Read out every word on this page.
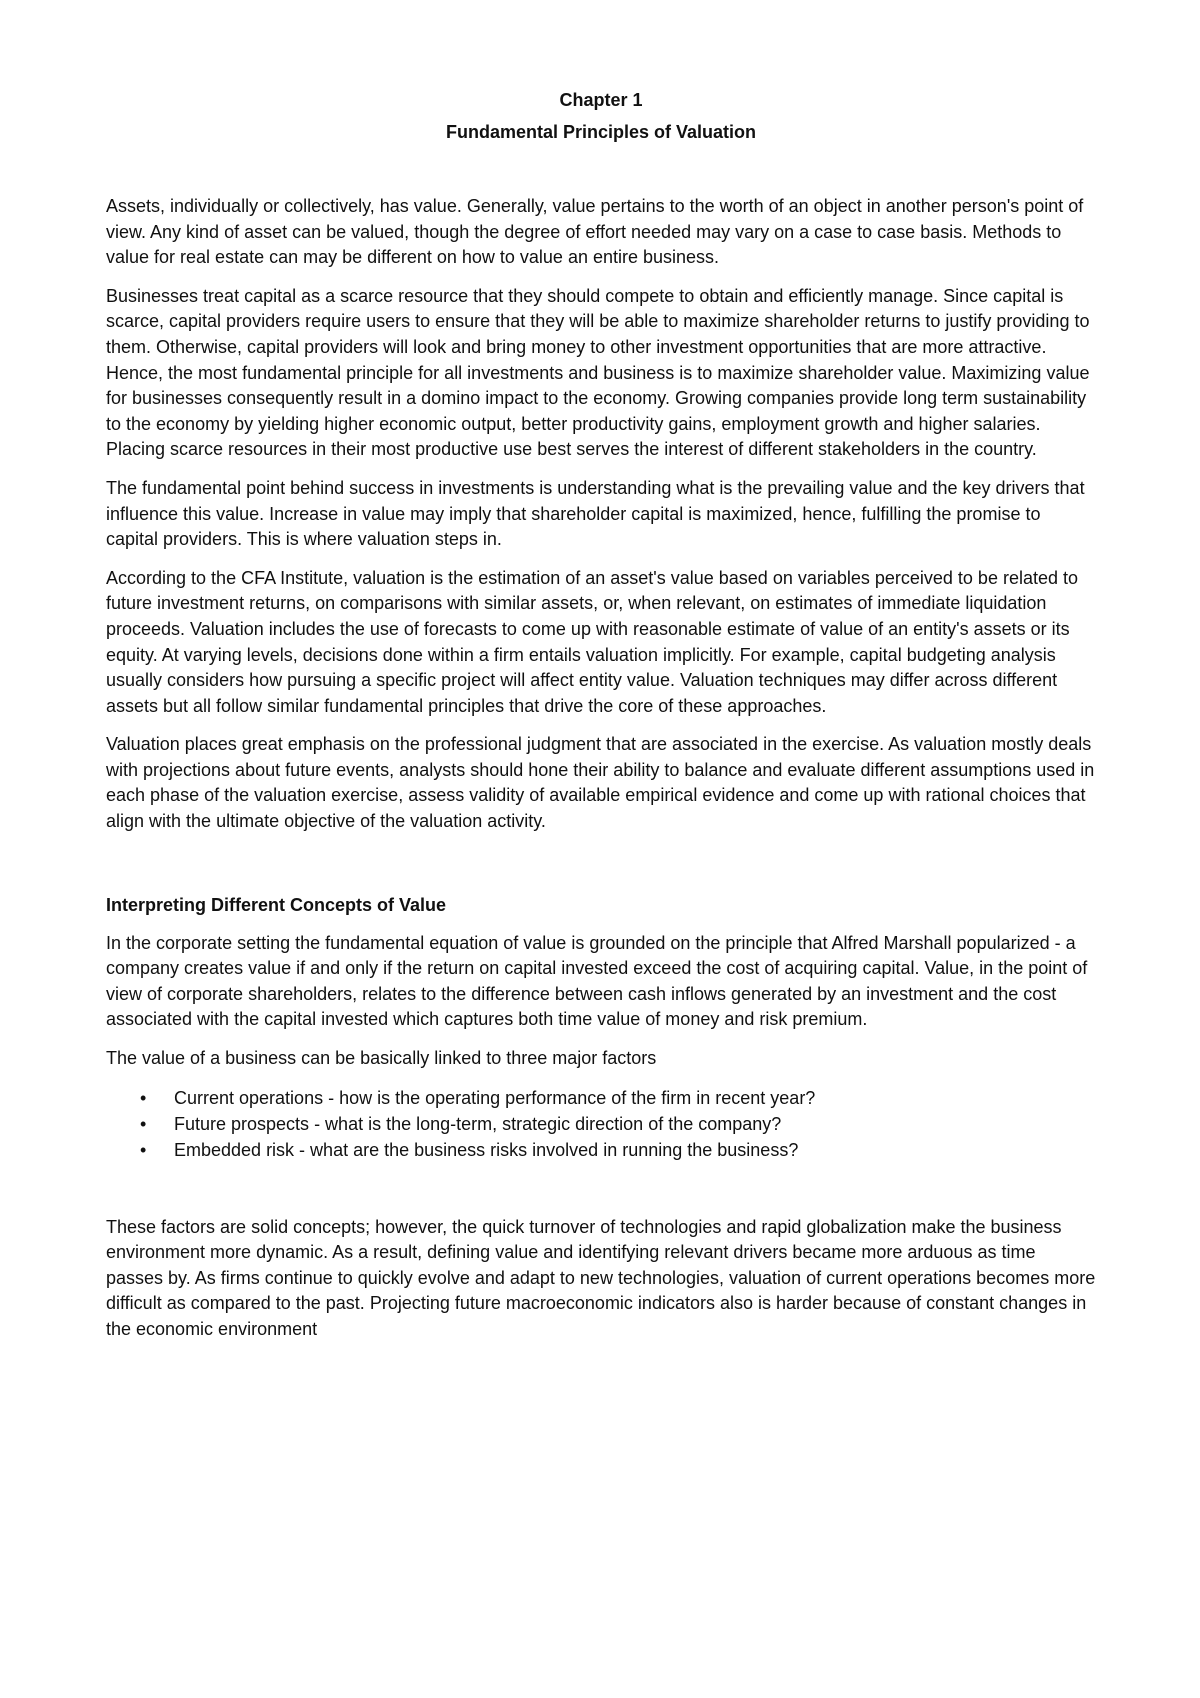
Chapter 1
Fundamental Principles of Valuation

Assets, individually or collectively, has value. Generally, value pertains to the worth of an object in another person's point of view. Any kind of asset can be valued, though the degree of effort needed may vary on a case to case basis. Methods to value for real estate can may be different on how to value an entire business.

Businesses treat capital as a scarce resource that they should compete to obtain and efficiently manage. Since capital is scarce, capital providers require users to ensure that they will be able to maximize shareholder returns to justify providing to them. Otherwise, capital providers will look and bring money to other investment opportunities that are more attractive. Hence, the most fundamental principle for all investments and business is to maximize shareholder value. Maximizing value for businesses consequently result in a domino impact to the economy. Growing companies provide long term sustainability to the economy by yielding higher economic output, better productivity gains, employment growth and higher salaries. Placing scarce resources in their most productive use best serves the interest of different stakeholders in the country.

The fundamental point behind success in investments is understanding what is the prevailing value and the key drivers that influence this value. Increase in value may imply that shareholder capital is maximized, hence, fulfilling the promise to capital providers. This is where valuation steps in.

According to the CFA Institute, valuation is the estimation of an asset's value based on variables perceived to be related to future investment returns, on comparisons with similar assets, or, when relevant, on estimates of immediate liquidation proceeds. Valuation includes the use of forecasts to come up with reasonable estimate of value of an entity's assets or its equity. At varying levels, decisions done within a firm entails valuation implicitly. For example, capital budgeting analysis usually considers how pursuing a specific project will affect entity value. Valuation techniques may differ across different assets but all follow similar fundamental principles that drive the core of these approaches.

Valuation places great emphasis on the professional judgment that are associated in the exercise. As valuation mostly deals with projections about future events, analysts should hone their ability to balance and evaluate different assumptions used in each phase of the valuation exercise, assess validity of available empirical evidence and come up with rational choices that align with the ultimate objective of the valuation activity.

Interpreting Different Concepts of Value

In the corporate setting the fundamental equation of value is grounded on the principle that Alfred Marshall popularized - a company creates value if and only if the return on capital invested exceed the cost of acquiring capital. Value, in the point of view of corporate shareholders, relates to the difference between cash inflows generated by an investment and the cost associated with the capital invested which captures both time value of money and risk premium.

The value of a business can be basically linked to three major factors

• Current operations - how is the operating performance of the firm in recent year?
• Future prospects - what is the long-term, strategic direction of the company?
• Embedded risk - what are the business risks involved in running the business?

These factors are solid concepts; however, the quick turnover of technologies and rapid globalization make the business environment more dynamic. As a result, defining value and identifying relevant drivers became more arduous as time passes by. As firms continue to quickly evolve and adapt to new technologies, valuation of current operations becomes more difficult as compared to the past. Projecting future macroeconomic indicators also is harder because of constant changes in the economic environment
